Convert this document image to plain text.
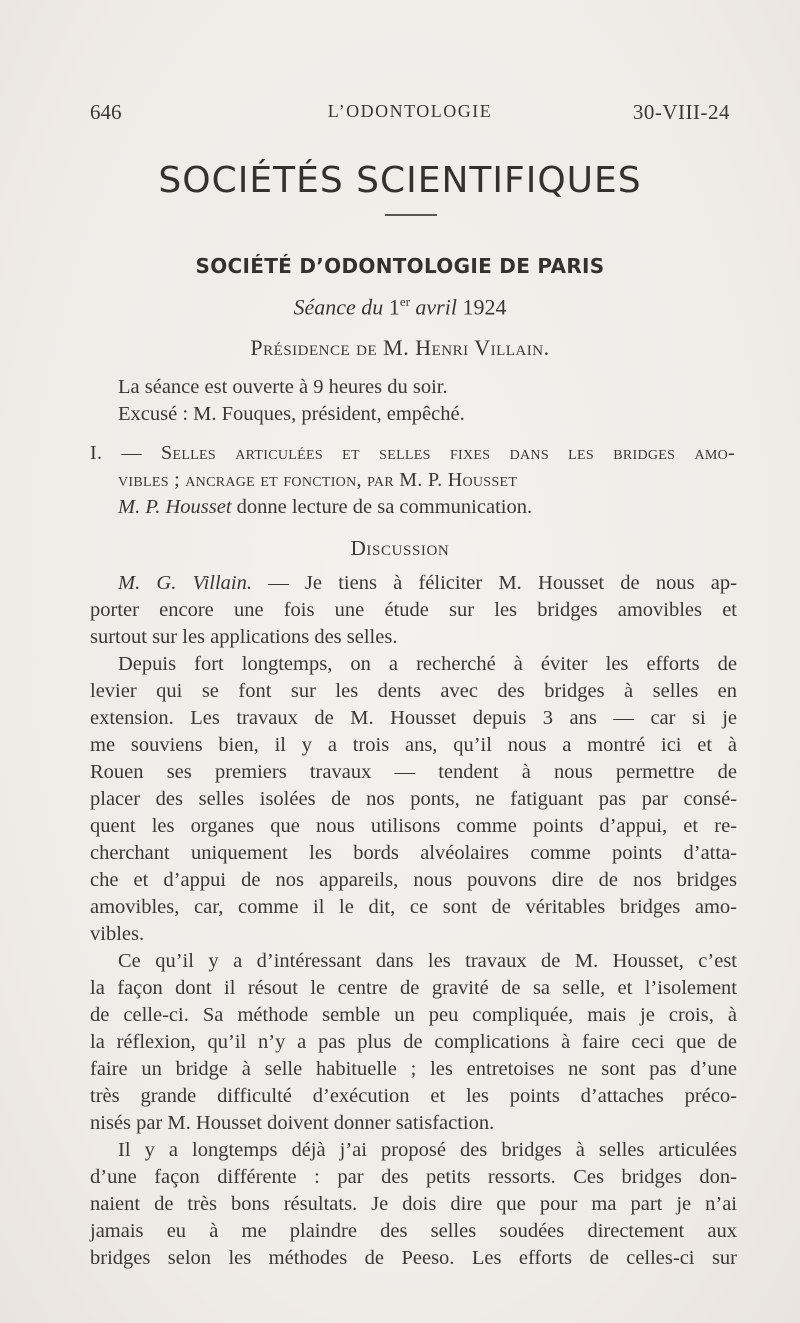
646	L’ODONTOLOGIE	30-VIII-24
SOCIÉTÉS SCIENTIFIQUES
SOCIÉTÉ D’ODONTOLOGIE DE PARIS
Séance du 1er avril 1924
Présidence de M. Henri Villain.
La séance est ouverte à 9 heures du soir.
Excusé : M. Fouques, président, empêché.
I. — Selles articulées et selles fixes dans les bridges amo-
vibles ; ancrage et fonction, par M. P. Housset
M. P. Housset donne lecture de sa communication.
Discussion
M. G. Villain. — Je tiens à féliciter M. Housset de nous ap-
porter encore une fois une étude sur les bridges amovibles et
surtout sur les applications des selles.
Depuis fort longtemps, on a recherché à éviter les efforts de
levier qui se font sur les dents avec des bridges à selles en
extension. Les travaux de M. Housset depuis 3 ans — car si je
me souviens bien, il y a trois ans, qu’il nous a montré ici et à
Rouen ses premiers travaux — tendent à nous permettre de
placer des selles isolées de nos ponts, ne fatiguant pas par consé-
quent les organes que nous utilisons comme points d’appui, et re-
cherchant uniquement les bords alvéolaires comme points d’atta-
che et d’appui de nos appareils, nous pouvons dire de nos bridges
amovibles, car, comme il le dit, ce sont de véritables bridges amo-
vibles.
Ce qu’il y a d’intéressant dans les travaux de M. Housset, c’est
la façon dont il résout le centre de gravité de sa selle, et l’isolement
de celle-ci. Sa méthode semble un peu compliquée, mais je crois, à
la réflexion, qu’il n’y a pas plus de complications à faire ceci que de
faire un bridge à selle habituelle ; les entretoises ne sont pas d’une
très grande difficulté d’exécution et les points d’attaches préco-
nisés par M. Housset doivent donner satisfaction.
Il y a longtemps déjà j’ai proposé des bridges à selles articulées
d’une façon différente : par des petits ressorts. Ces bridges don-
naient de très bons résultats. Je dois dire que pour ma part je n’ai
jamais eu à me plaindre des selles soudées directement aux
bridges selon les méthodes de Peeso. Les efforts de celles-ci sur
